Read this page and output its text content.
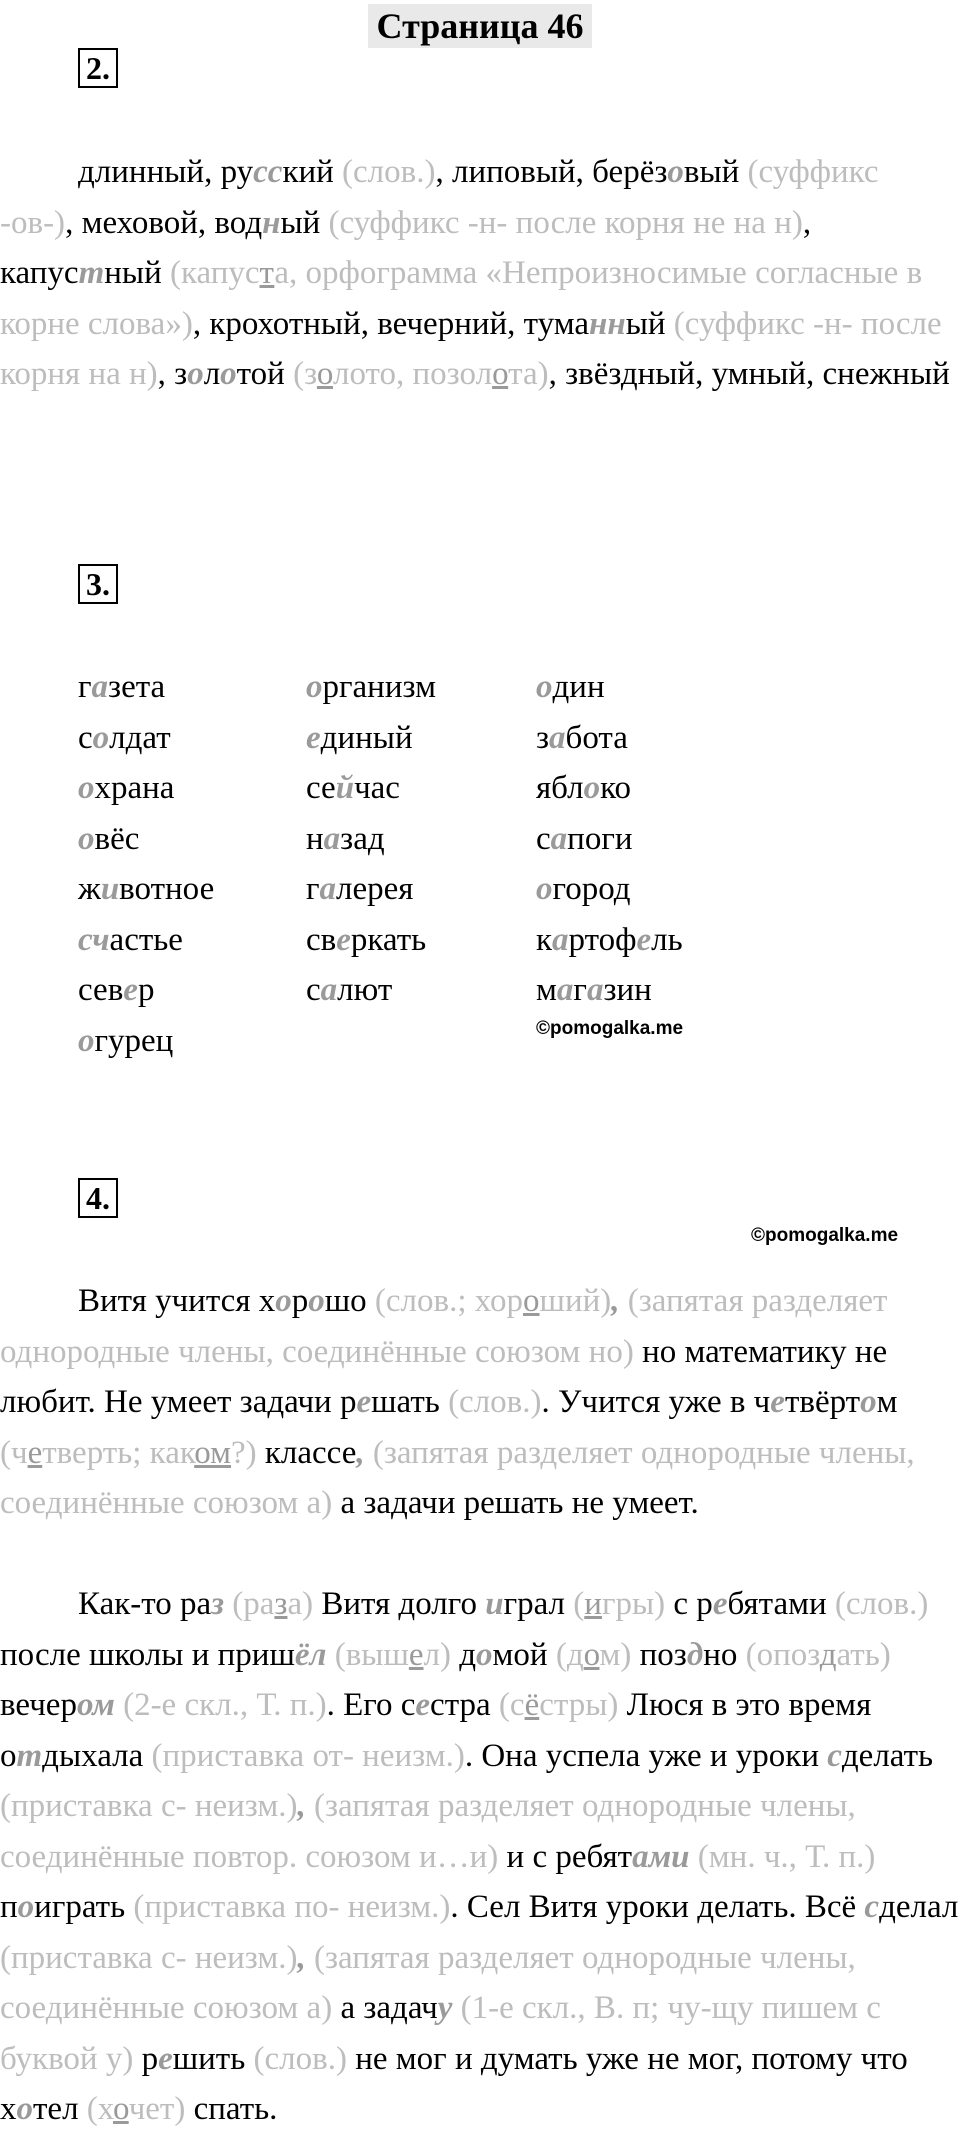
Страница 46
2.

длинный, русский (слов.), липовый, берёзовый (суффикс -ов-), меховой, водный (суффикс -н- после корня не на н), капустный (капуста, орфограмма «Непроизносимые согласные в корне слова»), крохотный, вечерний, туманный (суффикс -н- после корня на н), золотой (золото, позолота), звёздный, умный, снежный

3.
газета
солдат
охрана
овёс
животное
счастье
север
огурец
организм
единый
сейчас
назад
галерея
сверкать
салют
один
забота
яблоко
сапоги
огород
картофель
магазин
©pomogalka.me
4.
©pomogalka.me

Витя учится хорошо (слов.; хороший), (запятая разделяет однородные члены, соединённые союзом но) но математику не любит. Не умеет задачи решать (слов.). Учится уже в четвёртом (четверть; каком?) классе, (запятая разделяет однородные члены, соединённые союзом а) а задачи решать не умеет.

Как-то раз (раза) Витя долго играл (игры) с ребятами (слов.) после школы и пришёл (вышел) домой (дом) поздно (опоздать) вечером (2-е скл., Т. п.). Его сестра (сёстры) Люся в это время отдыхала (приставка от- неизм.). Она успела уже и уроки сделать (приставка с- неизм.), (запятая разделяет однородные члены, соединённые повтор. союзом и…и) и с ребятами (мн. ч., Т. п.) поиграть (приставка по- неизм.). Сел Витя уроки делать. Всё сделал (приставка с- неизм.), (запятая разделяет однородные члены, соединённые союзом а) а задачу (1-е скл., В. п; чу-щу пишем с буквой у) решить (слов.) не мог и думать уже не мог, потому что хотел (хочет) спать.
